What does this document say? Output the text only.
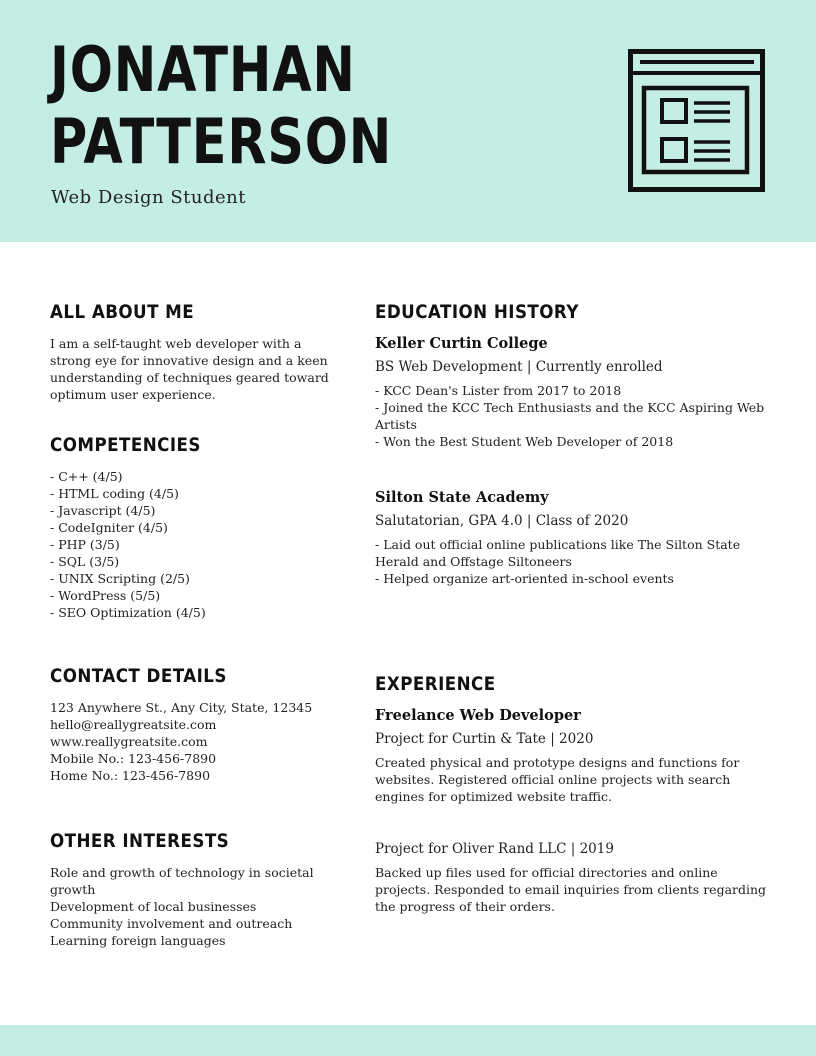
JONATHAN
PATTERSON
Web Design Student
ALL ABOUT ME
I am a self-taught web developer with a strong eye for innovative design and a keen understanding of techniques geared toward optimum user experience.
COMPETENCIES
- C++ (4/5)
- HTML coding (4/5)
- Javascript (4/5)
- CodeIgniter (4/5)
- PHP (3/5)
- SQL (3/5)
- UNIX Scripting (2/5)
- WordPress (5/5)
- SEO Optimization (4/5)
CONTACT DETAILS
123 Anywhere St., Any City, State, 12345
hello@reallygreatsite.com
www.reallygreatsite.com
Mobile No.: 123-456-7890
Home No.: 123-456-7890
OTHER INTERESTS
Role and growth of technology in societal growth
Development of local businesses
Community involvement and outreach
Learning foreign languages
EDUCATION HISTORY
Keller Curtin College
BS Web Development | Currently enrolled
- KCC Dean's Lister from 2017 to 2018
- Joined the KCC Tech Enthusiasts and the KCC Aspiring Web Artists
- Won the Best Student Web Developer of 2018
Silton State Academy
Salutatorian, GPA 4.0 | Class of 2020
- Laid out official online publications like The Silton State Herald and Offstage Siltoneers
- Helped organize art-oriented in-school events
EXPERIENCE
Freelance Web Developer
Project for Curtin & Tate | 2020
Created physical and prototype designs and functions for websites. Registered official online projects with search engines for optimized website traffic.
Project for Oliver Rand LLC | 2019
Backed up files used for official directories and online projects. Responded to email inquiries from clients regarding the progress of their orders.
